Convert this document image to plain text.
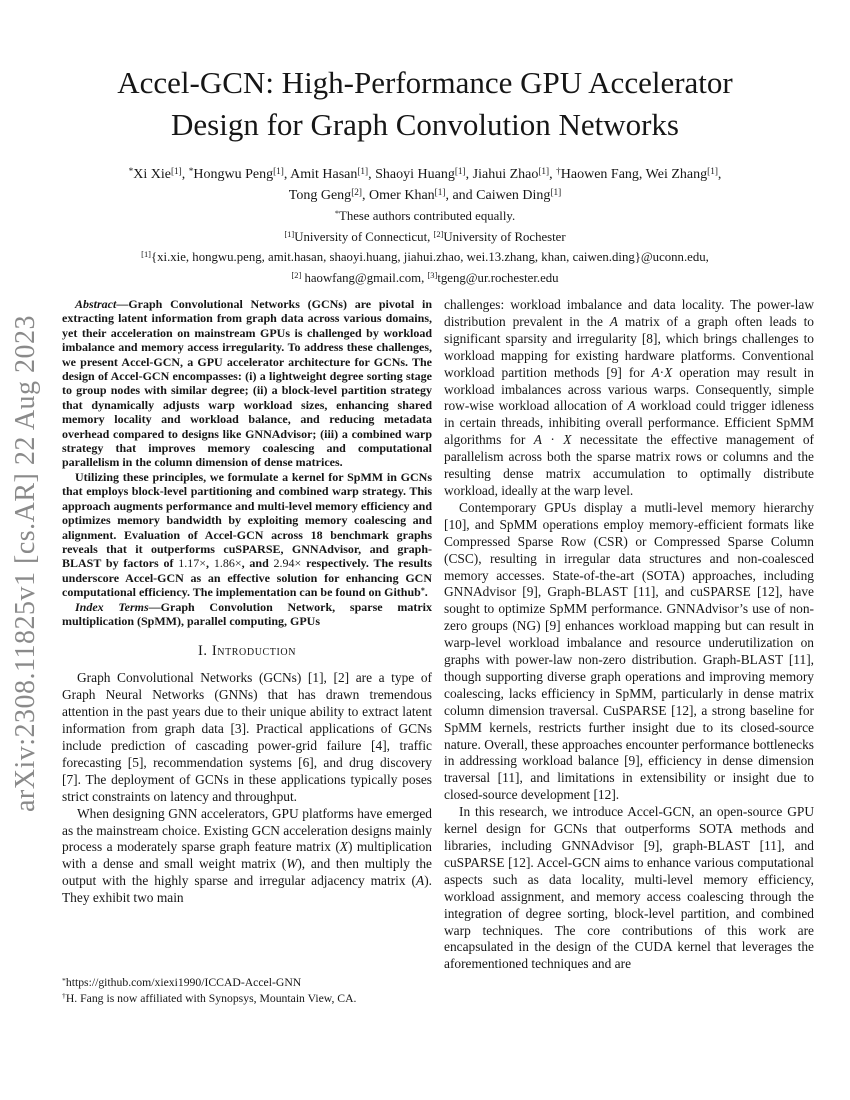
arXiv:2308.11825v1 [cs.AR] 22 Aug 2023
Accel-GCN: High-Performance GPU Accelerator
Design for Graph Convolution Networks
*Xi Xie[1], *Hongwu Peng[1], Amit Hasan[1], Shaoyi Huang[1], Jiahui Zhao[1], †Haowen Fang, Wei Zhang[1],
Tong Geng[2], Omer Khan[1], and Caiwen Ding[1]
*These authors contributed equally.
[1]University of Connecticut, [2]University of Rochester
[1]{xi.xie, hongwu.peng, amit.hasan, shaoyi.huang, jiahui.zhao, wei.13.zhang, khan, caiwen.ding}@uconn.edu,
[2] haowfang@gmail.com, [3]tgeng@ur.rochester.edu

Abstract—Graph Convolutional Networks (GCNs) are pivotal in extracting latent information from graph data across various domains, yet their acceleration on mainstream GPUs is challenged by workload imbalance and memory access irregularity. To address these challenges, we present Accel-GCN, a GPU accelerator architecture for GCNs. The design of Accel-GCN encompasses: (i) a lightweight degree sorting stage to group nodes with similar degree; (ii) a block-level partition strategy that dynamically adjusts warp workload sizes, enhancing shared memory locality and workload balance, and reducing metadata overhead compared to designs like GNNAdvisor; (iii) a combined warp strategy that improves memory coalescing and computational parallelism in the column dimension of dense matrices.

Utilizing these principles, we formulate a kernel for SpMM in GCNs that employs block-level partitioning and combined warp strategy. This approach augments performance and multi-level memory efficiency and optimizes memory bandwidth by exploiting memory coalescing and alignment. Evaluation of Accel-GCN across 18 benchmark graphs reveals that it outperforms cuSPARSE, GNNAdvisor, and graph-BLAST by factors of 1.17×, 1.86×, and 2.94× respectively. The results underscore Accel-GCN as an effective solution for enhancing GCN computational efficiency. The implementation can be found on Github*.

Index Terms—Graph Convolution Network, sparse matrix multiplication (SpMM), parallel computing, GPUs

I. Introduction

Graph Convolutional Networks (GCNs) [1], [2] are a type of Graph Neural Networks (GNNs) that has drawn tremendous attention in the past years due to their unique ability to extract latent information from graph data [3]. Practical applications of GCNs include prediction of cascading power-grid failure [4], traffic forecasting [5], recommendation systems [6], and drug discovery [7]. The deployment of GCNs in these applications typically poses strict constraints on latency and throughput.

When designing GNN accelerators, GPU platforms have emerged as the mainstream choice. Existing GCN acceleration designs mainly process a moderately sparse graph feature matrix (X) multiplication with a dense and small weight matrix (W), and then multiply the output with the highly sparse and irregular adjacency matrix (A). They exhibit two main

challenges: workload imbalance and data locality. The power-law distribution prevalent in the A matrix of a graph often leads to significant sparsity and irregularity [8], which brings challenges to workload mapping for existing hardware platforms. Conventional workload partition methods [9] for A·X operation may result in workload imbalances across various warps. Consequently, simple row-wise workload allocation of A workload could trigger idleness in certain threads, inhibiting overall performance. Efficient SpMM algorithms for A · X necessitate the effective management of parallelism across both the sparse matrix rows or columns and the resulting dense matrix accumulation to optimally distribute workload, ideally at the warp level.

Contemporary GPUs display a mutli-level memory hierarchy [10], and SpMM operations employ memory-efficient formats like Compressed Sparse Row (CSR) or Compressed Sparse Column (CSC), resulting in irregular data structures and non-coalesced memory accesses. State-of-the-art (SOTA) approaches, including GNNAdvisor [9], Graph-BLAST [11], and cuSPARSE [12], have sought to optimize SpMM performance. GNNAdvisor’s use of non-zero groups (NG) [9] enhances workload mapping but can result in warp-level workload imbalance and resource underutilization on graphs with power-law non-zero distribution. Graph-BLAST [11], though supporting diverse graph operations and improving memory coalescing, lacks efficiency in SpMM, particularly in dense matrix column dimension traversal. CuSPARSE [12], a strong baseline for SpMM kernels, restricts further insight due to its closed-source nature. Overall, these approaches encounter performance bottlenecks in addressing workload balance [9], efficiency in dense dimension traversal [11], and limitations in extensibility or insight due to closed-source development [12].

In this research, we introduce Accel-GCN, an open-source GPU kernel design for GCNs that outperforms SOTA methods and libraries, including GNNAdvisor [9], graph-BLAST [11], and cuSPARSE [12]. Accel-GCN aims to enhance various computational aspects such as data locality, multi-level memory efficiency, workload assignment, and memory access coalescing through the integration of degree sorting, block-level partition, and combined warp techniques. The core contributions of this work are encapsulated in the design of the CUDA kernel that leverages the aforementioned techniques and are

*https://github.com/xiexi1990/ICCAD-Accel-GNN
†H. Fang is now affiliated with Synopsys, Mountain View, CA.
